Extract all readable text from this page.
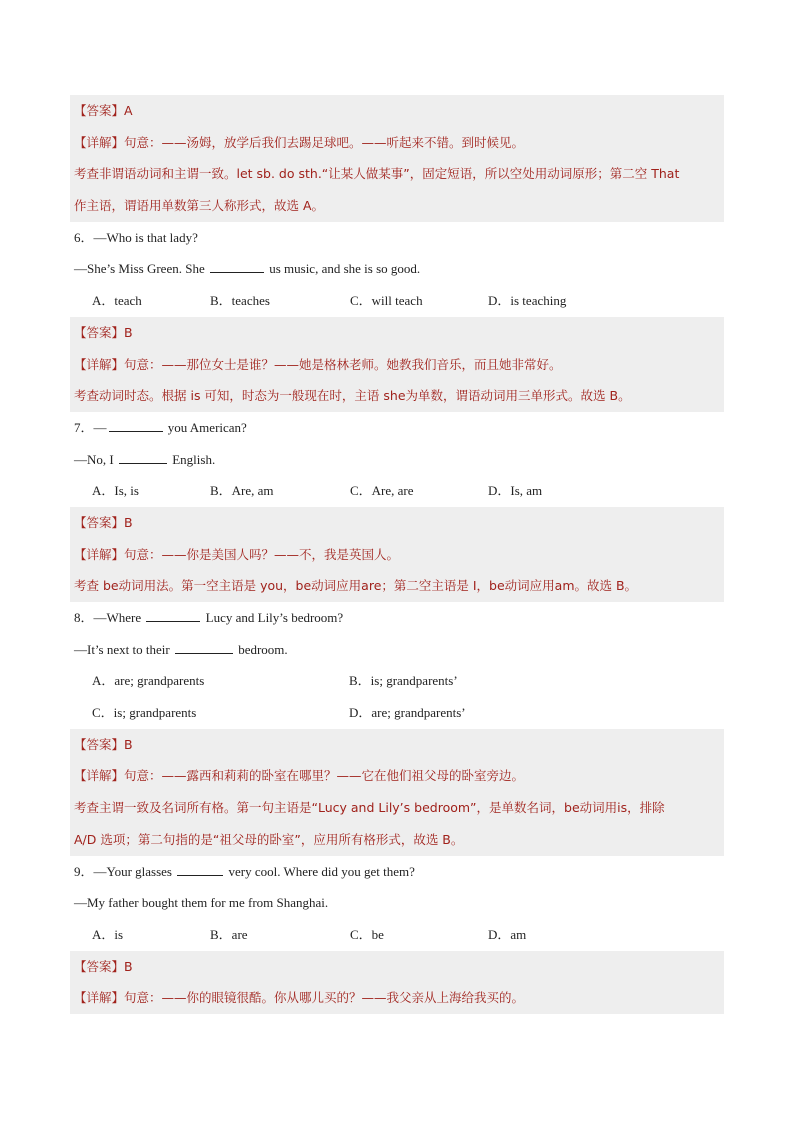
【答案】A
【详解】句意：——汤姆，放学后我们去踢足球吧。——听起来不错。到时候见。
考查非谓语动词和主谓一致。let sb. do sth.“让某人做某事”，固定短语，所以空处用动词原形；第二空 That
作主语，谓语用单数第三人称形式，故选 A。
6．—Who is that lady?
—She’s Miss Green. She	us music, and she is so good.
A．teach	B．teaches	C．will teach	D．is teaching
【答案】B
【详解】句意：——那位女士是谁？——她是格林老师。她教我们音乐，而且她非常好。
考查动词时态。根据 is 可知，时态为一般现在时，主语 she为单数，谓语动词用三单形式。故选 B。
7．—	you American?
—No, I	English.
A．Is, is	B．Are, am	C．Are, are	D．Is, am
【答案】B
【详解】句意：——你是美国人吗？——不，我是英国人。
考查 be动词用法。第一空主语是 you，be动词应用are；第二空主语是 I，be动词应用am。故选 B。
8．—Where	Lucy and Lily’s bedroom?
—It’s next to their	bedroom.
A．are; grandparents	B．is; grandparents’
C．is; grandparents	D．are; grandparents’
【答案】B
【详解】句意：——露西和莉莉的卧室在哪里？——它在他们祖父母的卧室旁边。
考查主谓一致及名词所有格。第一句主语是“Lucy and Lily’s bedroom”，是单数名词，be动词用is，排除
A/D 选项；第二句指的是“祖父母的卧室”，应用所有格形式，故选 B。
9．—Your glasses	very cool. Where did you get them?
—My father bought them for me from Shanghai.
A．is	B．are	C．be	D．am
【答案】B
【详解】句意：——你的眼镜很酷。你从哪儿买的？——我父亲从上海给我买的。
